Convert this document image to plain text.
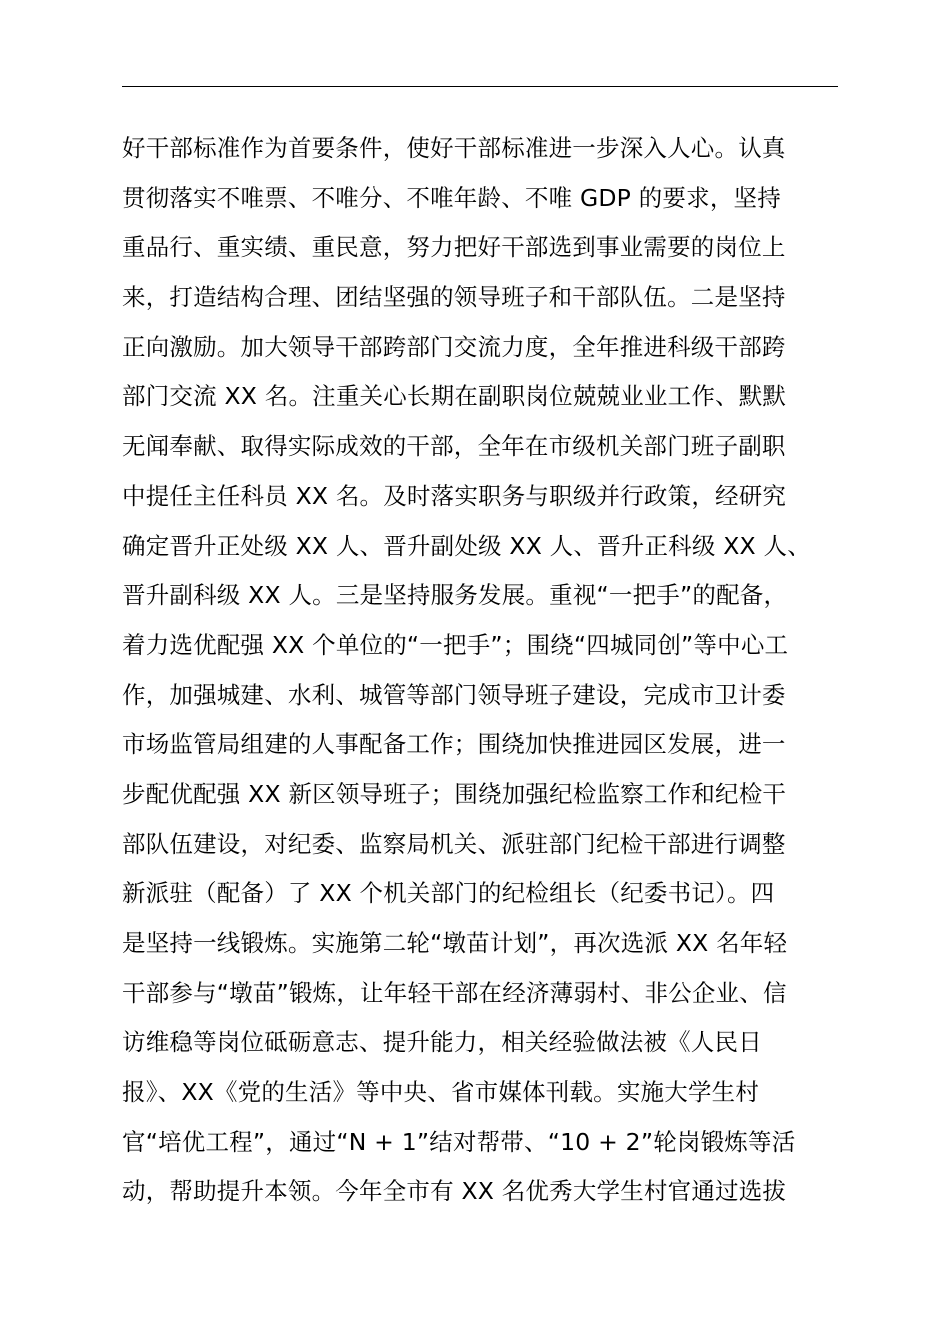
好干部标准作为首要条件，使好干部标准进一步深入人心。认真
贯彻落实不唯票、不唯分、不唯年龄、不唯 GDP 的要求，坚持
重品行、重实绩、重民意，努力把好干部选到事业需要的岗位上
来，打造结构合理、团结坚强的领导班子和干部队伍。二是坚持
正向激励。加大领导干部跨部门交流力度，全年推进科级干部跨
部门交流 XX 名。注重关心长期在副职岗位兢兢业业工作、默默
无闻奉献、取得实际成效的干部，全年在市级机关部门班子副职
中提任主任科员 XX 名。及时落实职务与职级并行政策，经研究
确定晋升正处级 XX 人、晋升副处级 XX 人、晋升正科级 XX 人、
晋升副科级 XX 人。三是坚持服务发展。重视“一把手”的配备，
着力选优配强 XX 个单位的“一把手”；围绕“四城同创”等中心工
作，加强城建、水利、城管等部门领导班子建设，完成市卫计委
市场监管局组建的人事配备工作；围绕加快推进园区发展，进一
步配优配强 XX 新区领导班子；围绕加强纪检监察工作和纪检干
部队伍建设，对纪委、监察局机关、派驻部门纪检干部进行调整
新派驻（配备）了 XX 个机关部门的纪检组长（纪委书记）。四
是坚持一线锻炼。实施第二轮“墩苗计划”，再次选派 XX 名年轻
干部参与“墩苗”锻炼，让年轻干部在经济薄弱村、非公企业、信
访维稳等岗位砥砺意志、提升能力，相关经验做法被《人民日
报》、XX《党的生活》等中央、省市媒体刊载。实施大学生村
官“培优工程”，通过“N + 1”结对帮带、“10 + 2”轮岗锻炼等活
动，帮助提升本领。今年全市有 XX 名优秀大学生村官通过选拔
